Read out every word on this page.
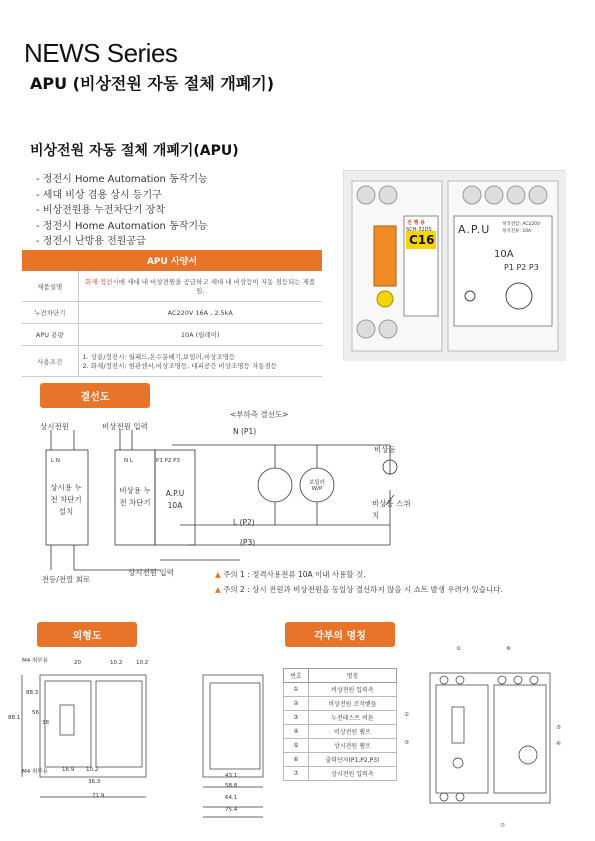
NEWS Series
APU (비상전원 자동 절체 개폐기)
비상전원 자동 절체 개폐기(APU)
- 정전시 Home Automation 동작기능
- 세대 비상 겸용 상시 등기구
- 비상전원용 누전차단기 장착
- 정전시 Home Automation 동작기능
- 정전시 난방용 전원공급
APU 사양서
제품설명	화재·정전시에 세대 내 비상전원을 공급하고 세대 내 비상등이 자동 점등되는 제품임.
누전차단기	AC220V 16A , 2.5kA
APU 용량	10A (릴레이)
사용조건	1. 상용/정전시: 월패드,온수분배기,보일러,비상조명등
2. 화재/정전시: 현관센서,비상조명등, 대피공간 비상조명등 자동점등
전 행 용
SCH-32DS
C16
A.P.U	정격전압: AC220V
정격전류: 10A
10A
P1 P2 P3
결선도
<부하측 결선도>
상시전원	비상전원 입력
N (P1)
L N	N L	P1 P2 P3
상시용 누전 차단기 설치
비상용 누전 차단기
A.P.U 10A
비상등
비상등 스위치
보일러 W/P
L (P2)
(P3)
상시전원 입력
전등/전열 회로
▲ 주의 1 : 정격사용전류 10A 이내 사용할 것.
▲ 주의 2 : 상시 전원과 비상전원을 동일상 결선하지 않을 시 쇼트 발생 우려가 있습니다.
외형도
M4 취부용
M4 취부용
20	10.2	10.2
88.3
38
56
88.1
16.9 10.2
36.3
71.9
43.1
58.8
64.1
75.4
각부의 명칭
번호	명칭
①	비상전원 입력측
②	비상전원 조작핸들
③	누전테스트 버튼
④	비상전원 램프
⑤	상시전원 램프
⑥	출력단자(P1,P2,P3)
⑦	상시전원 입력측
①	⑥
⑤
②
④
③
⑦
